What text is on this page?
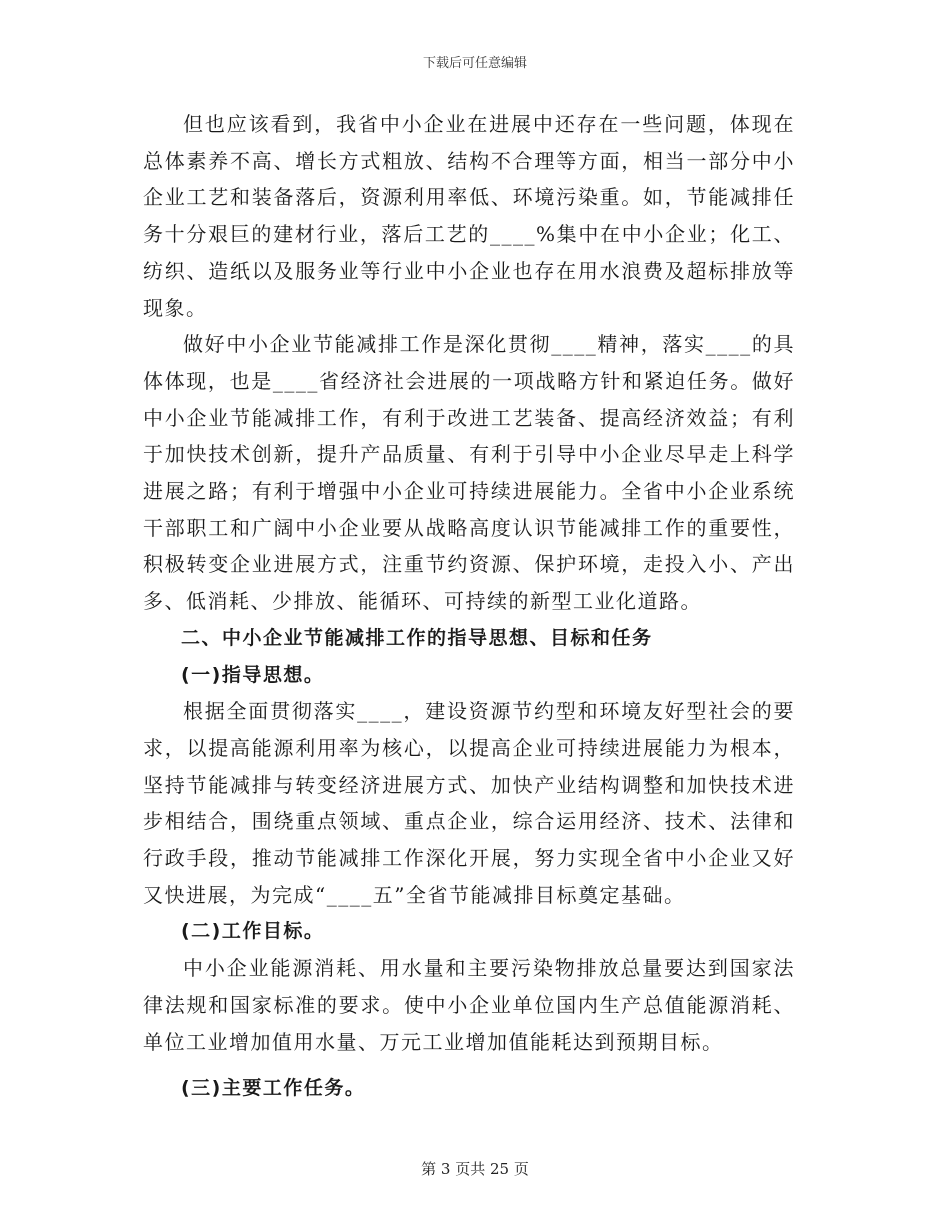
下载后可任意编辑

但也应该看到，我省中小企业在进展中还存在一些问题，体现在总体素养不高、增长方式粗放、结构不合理等方面，相当一部分中小企业工艺和装备落后，资源利用率低、环境污染重。如，节能减排任务十分艰巨的建材行业，落后工艺的____%集中在中小企业；化工、纺织、造纸以及服务业等行业中小企业也存在用水浪费及超标排放等现象。

做好中小企业节能减排工作是深化贯彻____精神，落实____的具体体现，也是____省经济社会进展的一项战略方针和紧迫任务。做好中小企业节能减排工作，有利于改进工艺装备、提高经济效益；有利于加快技术创新，提升产品质量、有利于引导中小企业尽早走上科学进展之路；有利于增强中小企业可持续进展能力。全省中小企业系统干部职工和广阔中小企业要从战略高度认识节能减排工作的重要性，积极转变企业进展方式，注重节约资源、保护环境，走投入小、产出多、低消耗、少排放、能循环、可持续的新型工业化道路。

二、中小企业节能减排工作的指导思想、目标和任务

(一)指导思想。

根据全面贯彻落实____，建设资源节约型和环境友好型社会的要求，以提高能源利用率为核心，以提高企业可持续进展能力为根本，坚持节能减排与转变经济进展方式、加快产业结构调整和加快技术进步相结合，围绕重点领域、重点企业，综合运用经济、技术、法律和行政手段，推动节能减排工作深化开展，努力实现全省中小企业又好又快进展，为完成“____五”全省节能减排目标奠定基础。

(二)工作目标。

中小企业能源消耗、用水量和主要污染物排放总量要达到国家法律法规和国家标准的要求。使中小企业单位国内生产总值能源消耗、单位工业增加值用水量、万元工业增加值能耗达到预期目标。

(三)主要工作任务。

第 3 页共 25 页
